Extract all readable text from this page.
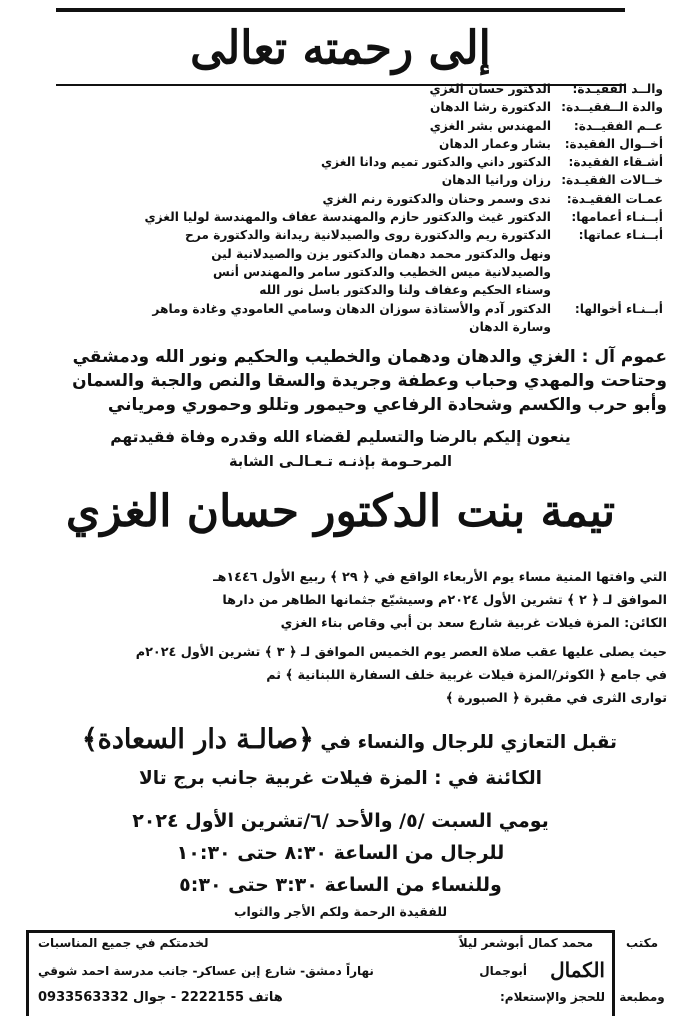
إلى رحمته تعالى
والــد الفقيـدة:
الدكتور حسان الغزي
والدة الــفقيــدة:
الدكتورة رشا الدهان
عــم الفقيــدة:
المهندس بشر الغزي
أخــوال الفقيدة:
بشار وعمار الدهان
أشـقاء الفقيدة:
الدكتور داني والدكتور تميم ودانا الغزي
خــالات الفقيـدة:
رزان ورانيا الدهان
عمـات الفقيـدة:
ندى وسمر وحنان والدكتورة رنم الغزي
أبــنـاء أعمامها:
الدكتور غيث والدكتور حازم والمهندسة عفاف والمهندسة لوليا الغزي
أبــنـاء عماتها:
الدكتورة ريم والدكتورة روى والصيدلانية ريدانة والدكتورة مرح
ونهل والدكتور محمد دهمان والدكتور يزن والصيدلانية لين
والصيدلانية ميس الخطيب والدكتور سامر والمهندس أنس
وسناء الحكيم وعفاف ولنا والدكتور باسل نور الله
أبــنـاء أخوالها:
الدكتور آدم والأستاذة سوزان الدهان وسامي العامودي وغادة وماهر
وسارة الدهان
عموم آل : الغزي والدهان ودهمان والخطيب والحكيم ونور الله ودمشقي
وحتاحت والمهدي وحباب وعطفة وجريدة والسقا والنص والجبة والسمان
وأبو حرب والكسم وشحادة الرفاعي وحيمور وتللو وحموري ومرياني
ينعون إليكم بالرضا والتسليم لقضاء الله وقدره وفاة فقيدتهم
المرحـومة بإذنـه تـعـالـى الشابة
تيمة بنت الدكتور حسان الغزي
التي وافتها المنية مساء يوم الأربعاء الواقع في ﴿ ٢٩ ﴾ ربيع الأول ١٤٤٦هـ
الموافق لـ ﴿ ٢ ﴾ تشرين الأول ٢٠٢٤م وسيشيّع جثمانها الطاهر من دارها
الكائن: المزة فيلات غربية شارع سعد بن أبي وقاص بناء الغزي
حيث يصلى عليها عقب صلاة العصر يوم الخميس الموافق لـ ﴿ ٣ ﴾ تشرين الأول ٢٠٢٤م
في جامع ﴿ الكوثر/المزة فيلات غربية خلف السفارة اللبنانية ﴾ ثم
توارى الثرى في مقبرة ﴿ الصبورة ﴾
تقبل التعازي للرجال والنساء في ﴿صالـة دار السعادة﴾
الكائنة في : المزة فيلات غربية جانب برج تالا
يومي السبت /٥/ والأحد /٦/تشرين الأول ٢٠٢٤
للرجال من الساعة ٨:٣٠ حتى ١٠:٣٠
وللنساء من الساعة ٣:٣٠ حتى ٥:٣٠
للفقيدة الرحمة ولكم الأجر والثواب
مكتب
ومطبعة
محمد كمال أبوشعر ليلاً
لخدمتكم في جميع المناسبات
الكمال
أبوجمال
نهاراً دمشق- شارع إبن عساكر- جانب مدرسة احمد شوقي
للحجز والإستعلام:
هاتف 2222155 - جوال 0933563332
